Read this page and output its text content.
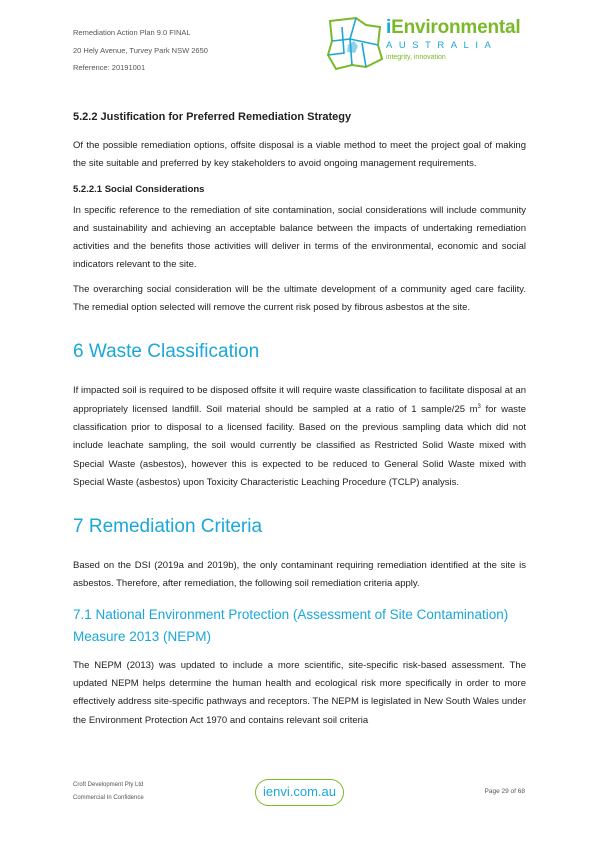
Remediation Action Plan 9.0 FINAL
20 Hely Avenue, Turvey Park NSW 2650
Reference: 20191001
iEnvironmental
AUSTRALIA
integrity, innovation
5.2.2 Justification for Preferred Remediation Strategy

Of the possible remediation options, offsite disposal is a viable method to meet the project goal of making the site suitable and preferred by key stakeholders to avoid ongoing management requirements.

5.2.2.1 Social Considerations

In specific reference to the remediation of site contamination, social considerations will include community and sustainability and achieving an acceptable balance between the impacts of undertaking remediation activities and the benefits those activities will deliver in terms of the environmental, economic and social indicators relevant to the site.

The overarching social consideration will be the ultimate development of a community aged care facility. The remedial option selected will remove the current risk posed by fibrous asbestos at the site.

6 Waste Classification

If impacted soil is required to be disposed offsite it will require waste classification to facilitate disposal at an appropriately licensed landfill. Soil material should be sampled at a ratio of 1 sample/25 $m^3$ for waste classification prior to disposal to a licensed facility. Based on the previous sampling data which did not include leachate sampling, the soil would currently be classified as Restricted Solid Waste mixed with Special Waste (asbestos), however this is expected to be reduced to General Solid Waste mixed with Special Waste (asbestos) upon Toxicity Characteristic Leaching Procedure (TCLP) analysis.

7 Remediation Criteria

Based on the DSI (2019a and 2019b), the only contaminant requiring remediation identified at the site is asbestos. Therefore, after remediation, the following soil remediation criteria apply.

7.1 National Environment Protection (Assessment of Site Contamination) Measure 2013 (NEPM)

The NEPM (2013) was updated to include a more scientific, site-specific risk-based assessment. The updated NEPM helps determine the human health and ecological risk more specifically in order to more effectively address site-specific pathways and receptors. The NEPM is legislated in New South Wales under the Environment Protection Act 1970 and contains relevant soil criteria

Croft Development Pty Ltd
Commercial In Confidence	ienvi.com.au	Page 29 of 68
